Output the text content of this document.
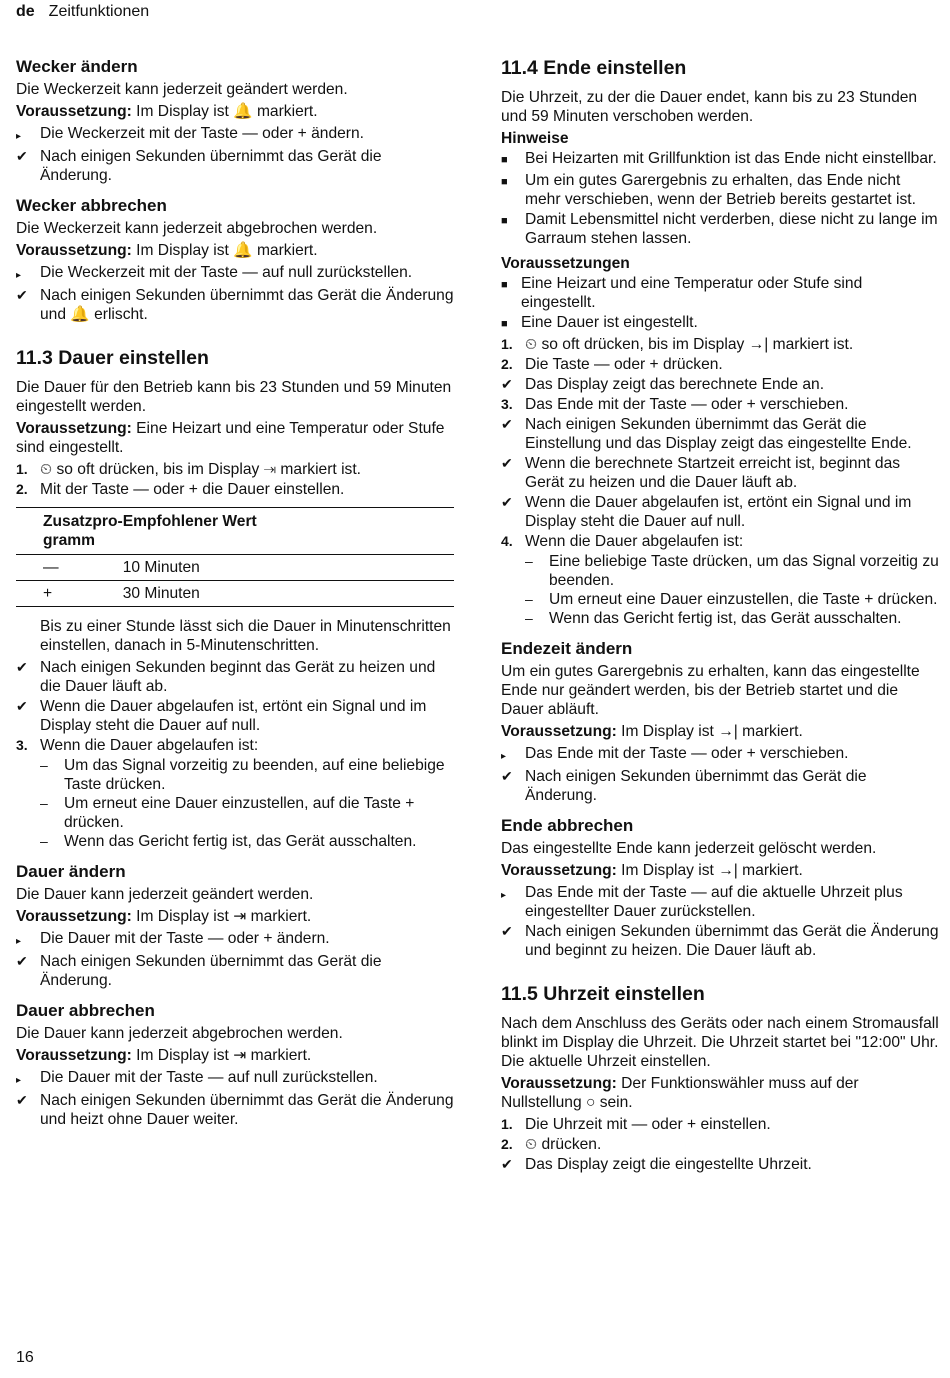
de Zeitfunktionen
Wecker ändern

Die Weckerzeit kann jederzeit geändert werden.

Voraussetzung: Im Display ist 🔔 markiert.

▸	Die Weckerzeit mit der Taste — oder + ändern.
✔ Nach einigen Sekunden übernimmt das Gerät die Änderung.
Wecker abbrechen

Die Weckerzeit kann jederzeit abgebrochen werden.

Voraussetzung: Im Display ist 🔔 markiert.

▸	Die Weckerzeit mit der Taste — auf null zurückstellen.
✔ Nach einigen Sekunden übernimmt das Gerät die Änderung und 🔔 erlischt.
11.3 Dauer einstellen

Die Dauer für den Betrieb kann bis 23 Stunden und 59 Minuten eingestellt werden.

Voraussetzung: Eine Heizart und eine Temperatur oder Stufe sind eingestellt.

1. ⏲ so oft drücken, bis im Display ⇥ markiert ist.
2. Mit der Taste — oder + die Dauer einstellen.
Zusatzpro-gramm	Empfohlener Wert
—	10 Minuten
+	30 Minuten

Bis zu einer Stunde lässt sich die Dauer in Minutenschritten einstellen, danach in 5-Minutenschritten.

✔ Nach einigen Sekunden beginnt das Gerät zu heizen und die Dauer läuft ab.
✔ Wenn die Dauer abgelaufen ist, ertönt ein Signal und im Display steht die Dauer auf null.
3. Wenn die Dauer abgelaufen ist:
–	Um das Signal vorzeitig zu beenden, auf eine beliebige Taste drücken.
–	Um erneut eine Dauer einzustellen, auf die Taste + drücken.
–	Wenn das Gericht fertig ist, das Gerät ausschalten.
Dauer ändern

Die Dauer kann jederzeit geändert werden.

Voraussetzung: Im Display ist ⇥ markiert.

▸	Die Dauer mit der Taste — oder + ändern.
✔ Nach einigen Sekunden übernimmt das Gerät die Änderung.
Dauer abbrechen

Die Dauer kann jederzeit abgebrochen werden.

Voraussetzung: Im Display ist ⇥ markiert.

▸	Die Dauer mit der Taste — auf null zurückstellen.
✔ Nach einigen Sekunden übernimmt das Gerät die Änderung und heizt ohne Dauer weiter.
11.4 Ende einstellen

Die Uhrzeit, zu der die Dauer endet, kann bis zu 23 Stunden und 59 Minuten verschoben werden.

Hinweise

■	Bei Heizarten mit Grillfunktion ist das Ende nicht einstellbar.
■	Um ein gutes Garergebnis zu erhalten, das Ende nicht mehr verschieben, wenn der Betrieb bereits gestartet ist.
■	Damit Lebensmittel nicht verderben, diese nicht zu lange im Garraum stehen lassen.

Voraussetzungen

■ Eine Heizart und eine Temperatur oder Stufe sind eingestellt.
■ Eine Dauer ist eingestellt.
1. ⏲ so oft drücken, bis im Display →| markiert ist.
2. Die Taste — oder + drücken.
✔ Das Display zeigt das berechnete Ende an.
3. Das Ende mit der Taste — oder + verschieben.
✔ Nach einigen Sekunden übernimmt das Gerät die Einstellung und das Display zeigt das eingestellte Ende.
✔ Wenn die berechnete Startzeit erreicht ist, beginnt das Gerät zu heizen und die Dauer läuft ab.
✔ Wenn die Dauer abgelaufen ist, ertönt ein Signal und im Display steht die Dauer auf null.
4. Wenn die Dauer abgelaufen ist:
–	Eine beliebige Taste drücken, um das Signal vorzeitig zu beenden.
–	Um erneut eine Dauer einzustellen, die Taste + drücken.
–	Wenn das Gericht fertig ist, das Gerät ausschalten.
Endezeit ändern

Um ein gutes Garergebnis zu erhalten, kann das eingestellte Ende nur geändert werden, bis der Betrieb startet und die Dauer abläuft.

Voraussetzung: Im Display ist →| markiert.

▸	Das Ende mit der Taste — oder + verschieben.
✔ Nach einigen Sekunden übernimmt das Gerät die Änderung.
Ende abbrechen

Das eingestellte Ende kann jederzeit gelöscht werden.

Voraussetzung: Im Display ist →| markiert.

▸	Das Ende mit der Taste — auf die aktuelle Uhrzeit plus eingestellter Dauer zurückstellen.
✔ Nach einigen Sekunden übernimmt das Gerät die Änderung und beginnt zu heizen. Die Dauer läuft ab.
11.5 Uhrzeit einstellen

Nach dem Anschluss des Geräts oder nach einem Stromausfall blinkt im Display die Uhrzeit. Die Uhrzeit startet bei "12:00" Uhr. Die aktuelle Uhrzeit einstellen.

Voraussetzung: Der Funktionswähler muss auf der Nullstellung ○ sein.

1. Die Uhrzeit mit — oder + einstellen.
2. ⏲ drücken.
✔ Das Display zeigt die eingestellte Uhrzeit.
16
